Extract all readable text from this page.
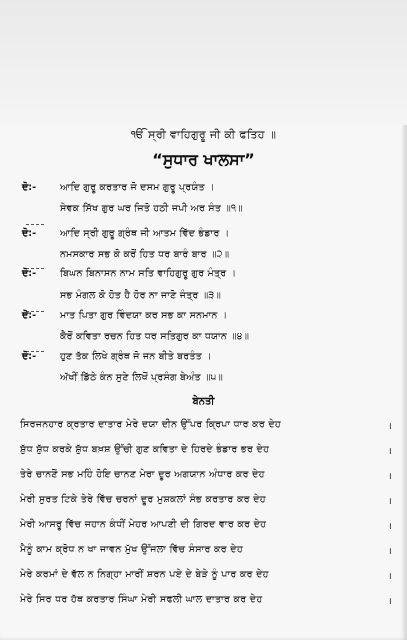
ੴ ਸ੍ਰੀ ਵਾਹਿਗੁਰੂ ਜੀ ਕੀ ਫਤਿਹ ॥
“ਸੁਧਾਰ ਖਾਲਸਾ”
ਦੋ:-	ਆਦਿ ਗੁਰੂ ਕਰਤਾਰ ਜੋ ਦਸਮ ਗੁਰੂ ਪ੍ਰਯੰਤ ।
ਸੇਵਕ ਸਿੱਖ ਗੁਰ ਘਰ ਜਿਤੋ ਹਠੀ ਜਪੀ ਅਰ ਸੰਤ ॥੧॥
ਦੋ:-	ਆਦਿ ਸ੍ਰੀ ਗੁਰੂ ਗ੍ਰੰਥ ਜੀ ਆਤਮ ਵਿੱਦ ਭੰਡਾਰ ।
ਨਮਸਕਾਰ ਸਭ ਕੋ ਕਰੋਂ ਹਿਤ ਧਰ ਬਾਰੰ ਬਾਰ ॥੨॥
ਦੋ:-	ਬਿਘਨ ਬਿਨਾਸਨ ਨਾਮ ਸਤਿ ਵਾਹਿਗੁਰੂ ਗੁਰ ਮੰਤ੍ਰ ।
ਸਭ ਮੰਗਲ ਕੋ ਹੋਤ ਹੈ ਹੋਰ ਨਾ ਜਾਣੋ ਜੰਤ੍ਰ ॥੩॥
ਦੋ:-	ਮਾਤ ਪਿਤਾ ਗੁਰ ਵਿੰਦਯਾ ਕਰ ਸਭ ਕਾ ਸਨਮਾਨ ।
ਕੈਰੋਂ ਕਵਿਤਾ ਰਚਨ ਹਿਤ ਧਰ ਸਤਿਗੁਰ ਕਾ ਧਯਾਨ ॥੪॥
ਦੋ:-	ਹੁਣ ਤੱਕ ਲਿਖੇ ਗ੍ਰੰਥ ਜੋ ਜਨ ਬੀਤੇ ਬਰਤੰਤ ।
ਅੱਖੀਂ ਡਿੱਠੇ ਕੰਨ ਸੁਣੇ ਲਿਖੋਂ ਪ੍ਰਸੰਗ ਬੇਅੰਤ ॥੫॥
ਬੇਨਤੀ
ਸਿਰਜਨਹਾਰ ਕ੍ਰਤਾਰ ਦਾਤਾਰ ਮੇਰੇ ਦਯਾ ਦੀਨ ਉੱਪਰ ਕ੍ਰਿਪਾ ਧਾਰ ਕਰ ਦੇਹ	।
ਸ਼ੁੱਧ ਸ਼ੁੱਧ ਕਰਕੇ ਸ਼ੁੱਧ ਬਖ਼ਸ਼ ਉੱਚੀ ਗੁਣ ਕਵਿਤਾ ਦੇ ਹਿਰਦੇ ਭੰਡਾਰ ਭਰ ਦੇਹ	।
ਤੇਰੇ ਚਾਨਣੋਂ ਸਭ ਮਹਿੰ ਹੋਇ ਚਾਨਣ ਮੇਰਾ ਦੂਰ ਅਗਯਾਨ ਅੰਧਾਰ ਕਰ ਦੇਹ	।
ਮੇਰੀ ਸੁਰਤ ਟਿਕੇ ਤੇਰੇ ਵਿੱਚ ਚਰਨਾਂ ਦੂਰ ਮੁਸ਼ਕਲਾਂ ਸੰਭ ਕਰਤਾਰ ਕਰ ਦੇਹ	।
ਮੇਰੀ ਆਸਰੂ ਵਿੱਚ ਜਹਾਨ ਕੰਧੀਂ ਮੇਹਰ ਆਪਣੀ ਦੀ ਗਿਰਦ ਵਾਰ ਕਰ ਦੇਹ	।
ਮੈਨੂੰ ਕਾਮ ਕ੍ਰੋਧ ਨ ਖਾ ਜਾਵਨ ਮੁੱਖ ਉੱਜਲਾ ਵਿੱਚ ਸੰਸਾਰ ਕਰ ਦੇਹ	।
ਮੇਰੇ ਕਰਮਾਂ ਦੇ ਵੱਲ ਨ ਨਿਗ੍ਹਾ ਮਾਰੀਂ ਸ਼ਰਨ ਪਏ ਦੇ ਬੇੜੇ ਨੂੰ ਪਾਰ ਕਰ ਦੇਹ	।
ਮੇਰੇ ਸਿਰ ਧਰ ਹੱਥ ਕਰਤਾਰ ਸਿੰਘਾ ਮੇਰੀ ਸਫਲੀ ਘਾਲ ਦਾਤਾਰ ਕਰ ਦੇਹ	।
